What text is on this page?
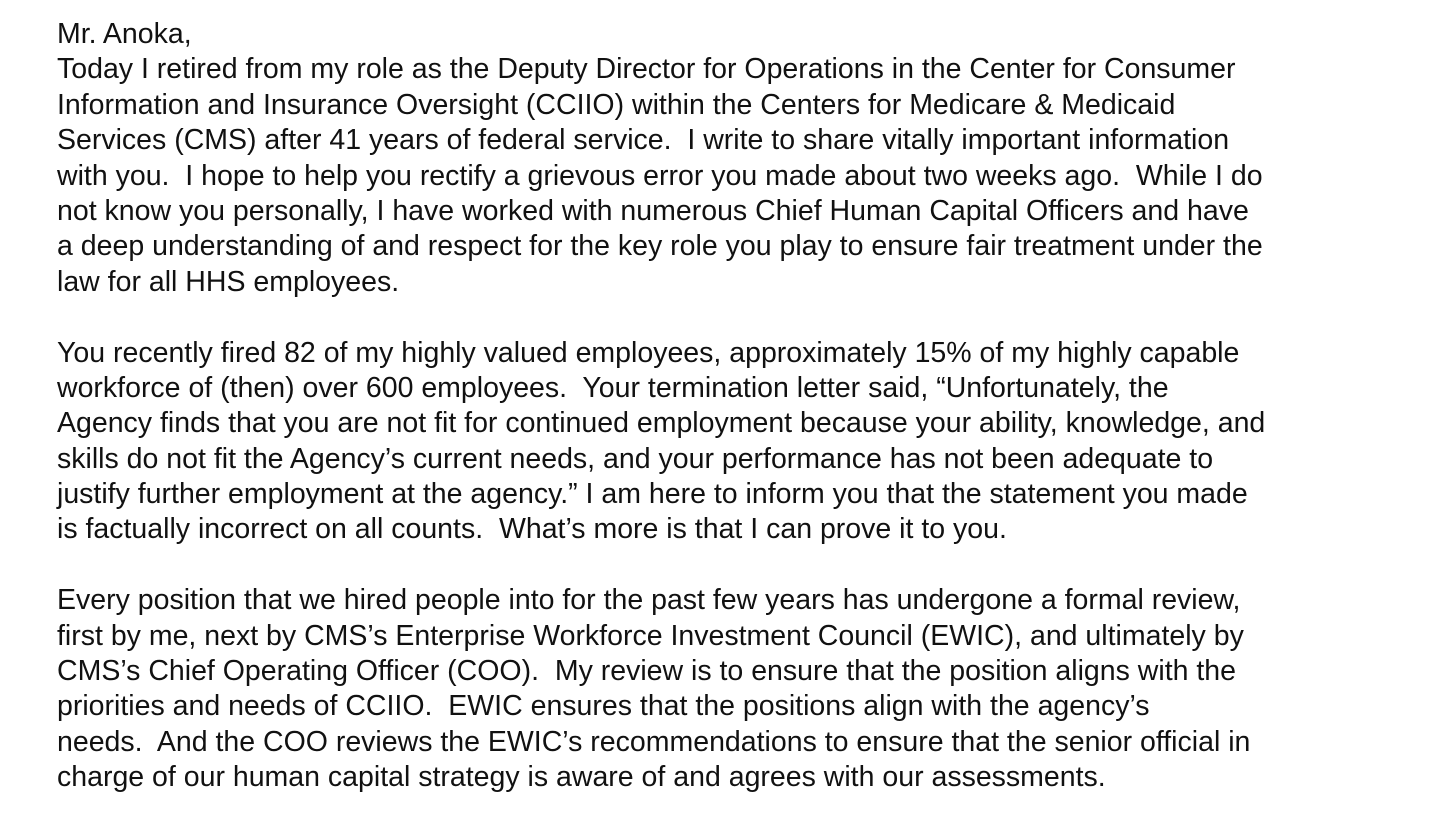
Mr. Anoka,
Today I retired from my role as the Deputy Director for Operations in the Center for Consumer
Information and Insurance Oversight (CCIIO) within the Centers for Medicare & Medicaid
Services (CMS) after 41 years of federal service.  I write to share vitally important information
with you.  I hope to help you rectify a grievous error you made about two weeks ago.  While I do
not know you personally, I have worked with numerous Chief Human Capital Officers and have
a deep understanding of and respect for the key role you play to ensure fair treatment under the
law for all HHS employees.
You recently fired 82 of my highly valued employees, approximately 15% of my highly capable
workforce of (then) over 600 employees.  Your termination letter said, “Unfortunately, the
Agency finds that you are not fit for continued employment because your ability, knowledge, and
skills do not fit the Agency’s current needs, and your performance has not been adequate to
justify further employment at the agency.” I am here to inform you that the statement you made
is factually incorrect on all counts.  What’s more is that I can prove it to you.
Every position that we hired people into for the past few years has undergone a formal review,
first by me, next by CMS’s Enterprise Workforce Investment Council (EWIC), and ultimately by
CMS’s Chief Operating Officer (COO).  My review is to ensure that the position aligns with the
priorities and needs of CCIIO.  EWIC ensures that the positions align with the agency’s
needs.  And the COO reviews the EWIC’s recommendations to ensure that the senior official in
charge of our human capital strategy is aware of and agrees with our assessments.
